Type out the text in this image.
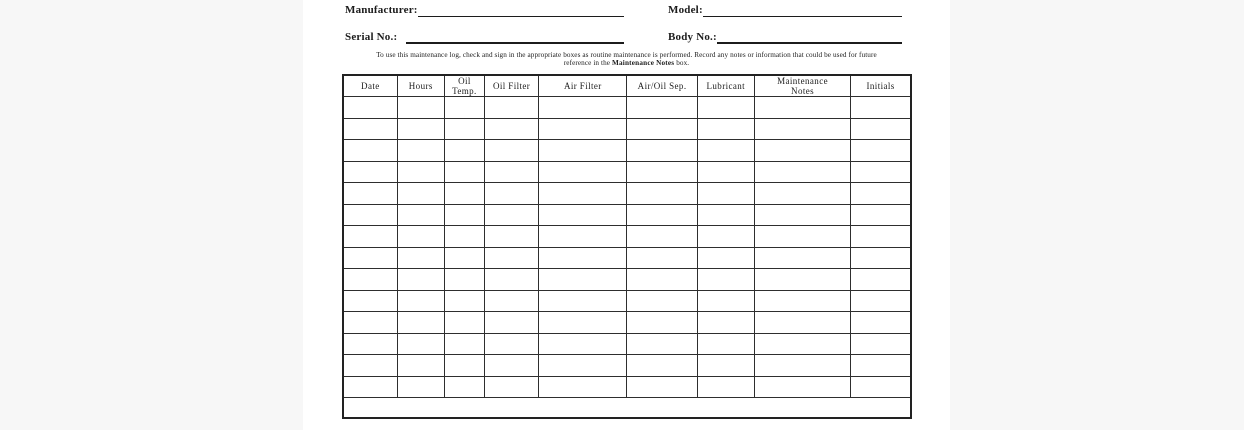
Manufacturer:	Model:
Serial No.:	Body No.:

To use this maintenance log, check and sign in the appropriate boxes as routine maintenance is performed. Record any notes or information that could be used for future reference in the Maintenance Notes box.

Date	Hours	Oil Temp.	Oil Filter	Air Filter	Air/Oil Sep.	Lubricant	Maintenance Notes	Initials
